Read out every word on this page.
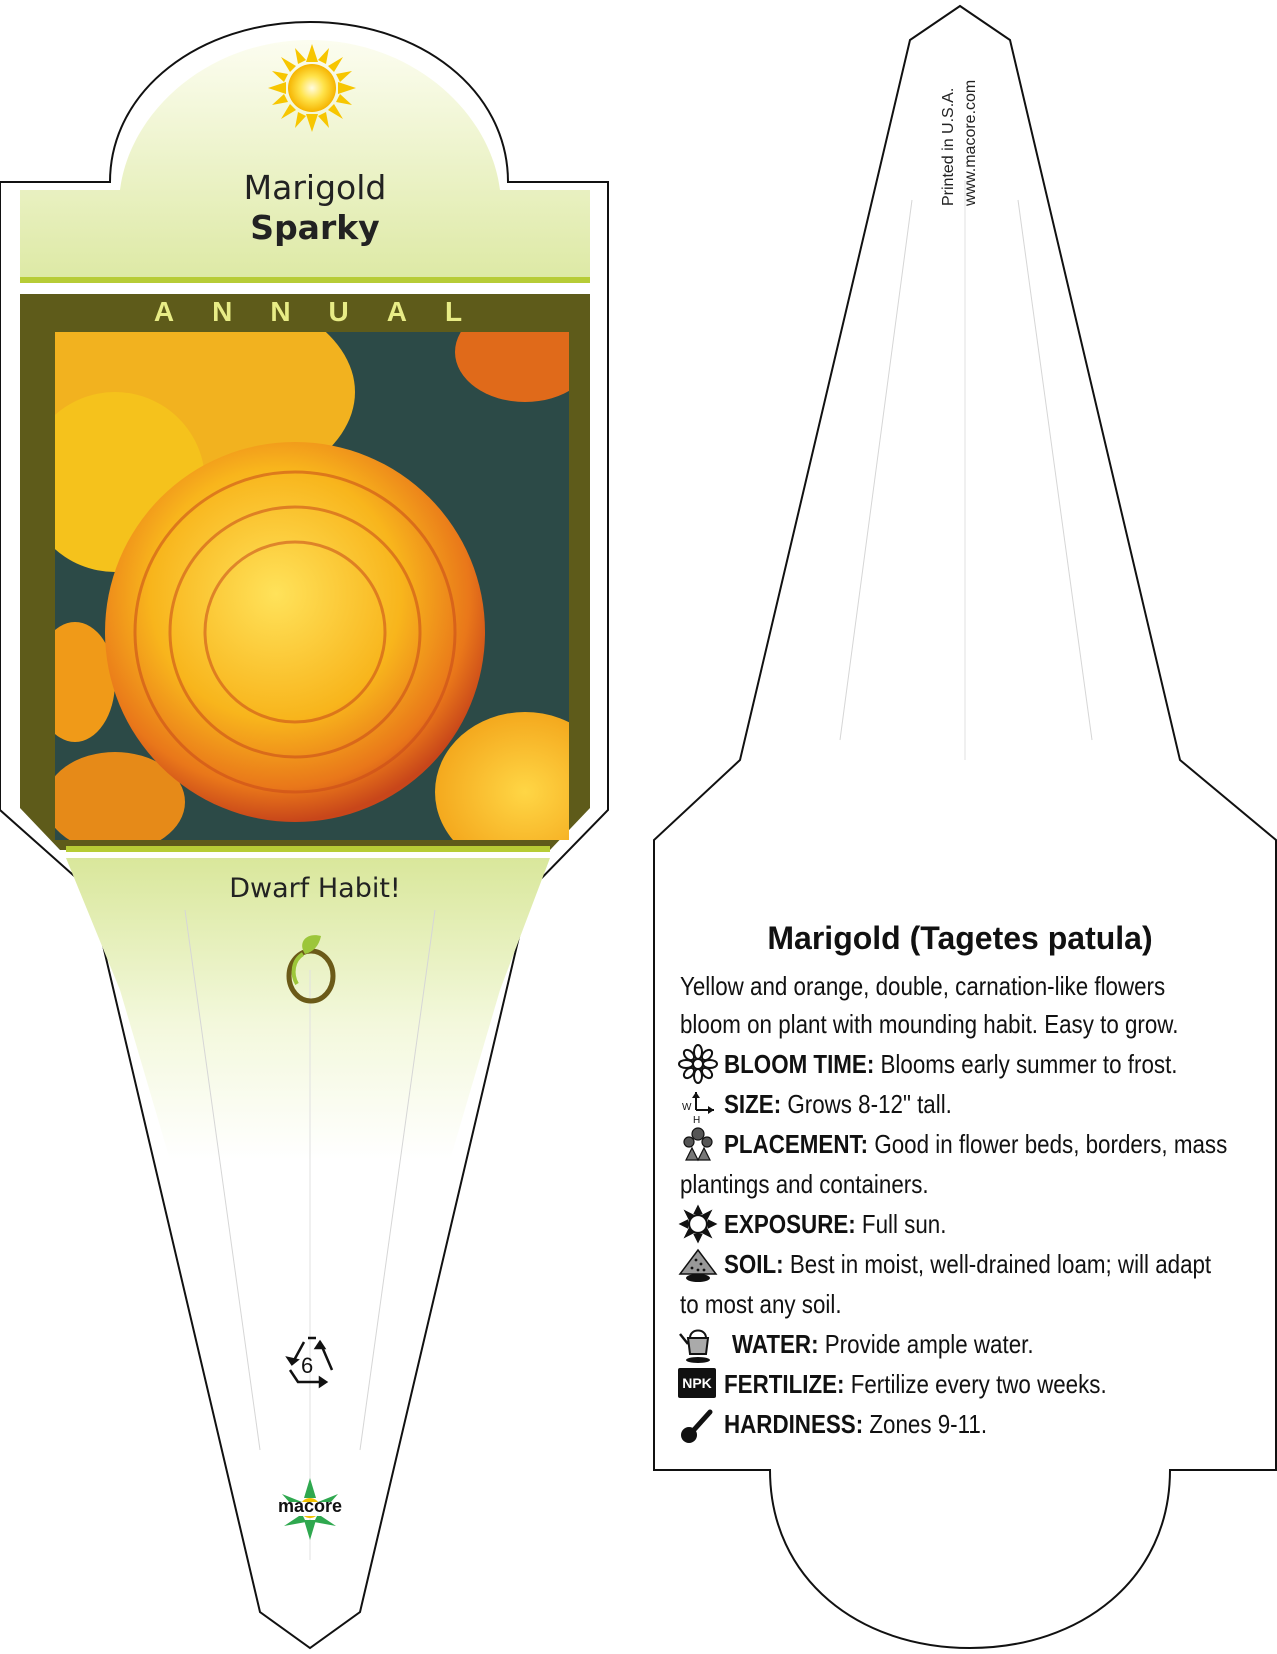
Marigold
Sparky
ANNUAL
Dwarf Habit!
6
macore
Printed in U.S.A. www.macore.com
Marigold (Tagetes patula)
Yellow and orange, double, carnation-like flowers
bloom on plant with mounding habit. Easy to grow.
BLOOM TIME: Blooms early summer to frost.
W
H
SIZE: Grows 8-12" tall.
PLACEMENT: Good in flower beds, borders, mass
plantings and containers.
EXPOSURE: Full sun.
SOIL: Best in moist, well-drained loam; will adapt
to most any soil.
WATER: Provide ample water.
NPK FERTILIZE: Fertilize every two weeks.
HARDINESS: Zones 9-11.
